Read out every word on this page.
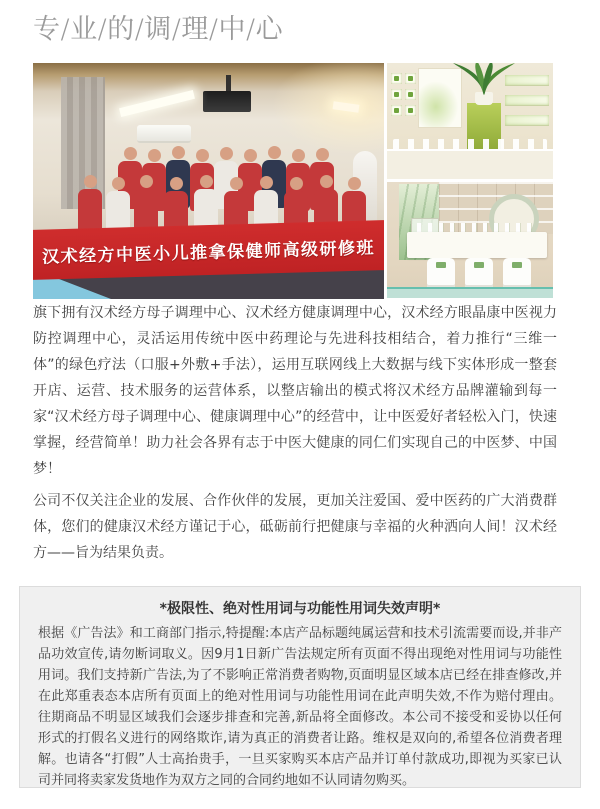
专/业/的/调/理/中/心
汉术经方中医小儿推拿保健师高级研修班

旗下拥有汉术经方母子调理中心、汉术经方健康调理中心，汉术经方眼晶康中医视力防控调理中心，灵活运用传统中医中药理论与先进科技相结合，着力推行“三维一体”的绿色疗法（口服+外敷+手法），运用互联网线上大数据与线下实体形成一整套开店、运营、技术服务的运营体系，以整店输出的模式将汉术经方品牌灌输到每一家“汉术经方母子调理中心、健康调理中心”的经营中，让中医爱好者轻松入门，快速掌握，经营简单！助力社会各界有志于中医大健康的同仁们实现自己的中医梦、中国梦！

公司不仅关注企业的发展、合作伙伴的发展，更加关注爱国、爱中医药的广大消费群体，您们的健康汉术经方谨记于心，砥砺前行把健康与幸福的火种洒向人间！汉术经方——旨为结果负责。

*极限性、绝对性用词与功能性用词失效声明*
根据《广告法》和工商部门指示,特提醒:本店产品标题纯属运营和技术引流需要而设,并非产品功效宣传,请勿断词取义。因9月1日新广告法规定所有页面不得出现绝对性用词与功能性用词。我们支持新广告法,为了不影响正常消费者购物,页面明显区域本店已经在排查修改,并在此郑重表态本店所有页面上的绝对性用词与功能性用词在此声明失效,不作为赔付理由。往期商品不明显区域我们会逐步排查和完善,新品将全面修改。本公司不接受和妥协以任何形式的打假名义进行的网络欺诈,请为真正的消费者让路。维权是双向的,希望各位消费者理解。也请各“打假”人士高抬贵手，一旦买家购买本店产品并订单付款成功,即视为买家已认司并同将卖家发货地作为双方之同的合同约地如不认同请勿购买。
